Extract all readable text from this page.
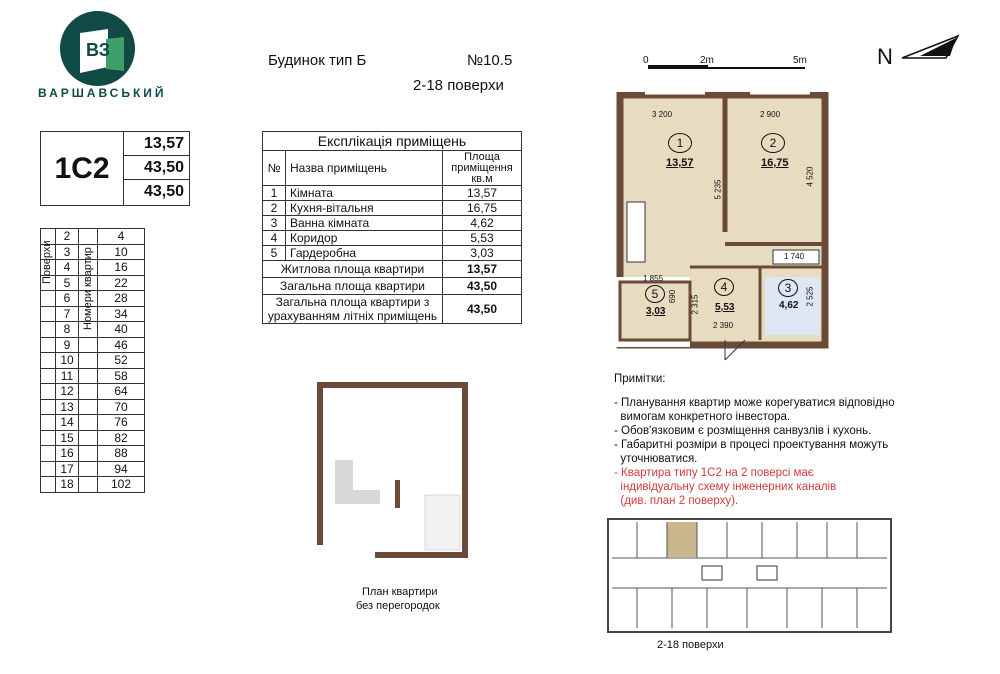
ВЗ
ВАРШАВСЬКИЙ
Будинок тип Б	№10.5
2-18 поверхи
1С2
13,57
43,50
43,50
	2		4
	3		10
	4		16
	5		22
	6		28
	7		34
	8		40
	9		46
	10		52
	11		58
	12		64
	13		70
	14		76
	15		82
	16		88
	17		94
	18		102
Поверхи	Номери квартир
Експлікація приміщень		
№	Назва приміщень	Площа приміщення кв.м
1	Кімната	13,57
2	Кухня-вітальня	16,75
3	Ванна кімната	4,62
4	Коридор	5,53
5	Гардеробна	3,03
Житлова площа квартири		13,57
Загальна площа квартири		43,50
Загальна площа квартири з урахуванням літніх приміщень		43,50
0	2m	5m	N
3 200	2 900
5 235
4 520
1 740
1 855
2 525
2 390
690 2 315
1
13,57
2
16,75
5
3,03
4
5,53
3
4,62
План квартири
без перегородок
Примітки:
- Планування квартир може корегуватися відповідно
вимогам конкретного інвестора.
- Обов'язковим є розміщення санвузлів і кухонь.
- Габаритні розміри в процесі проектування можуть
уточнюватися.
- Квартира типу 1С2 на 2 поверсі має
індивідуальну схему інженерних каналів
(див. план 2 поверху).
2-18 поверхи
